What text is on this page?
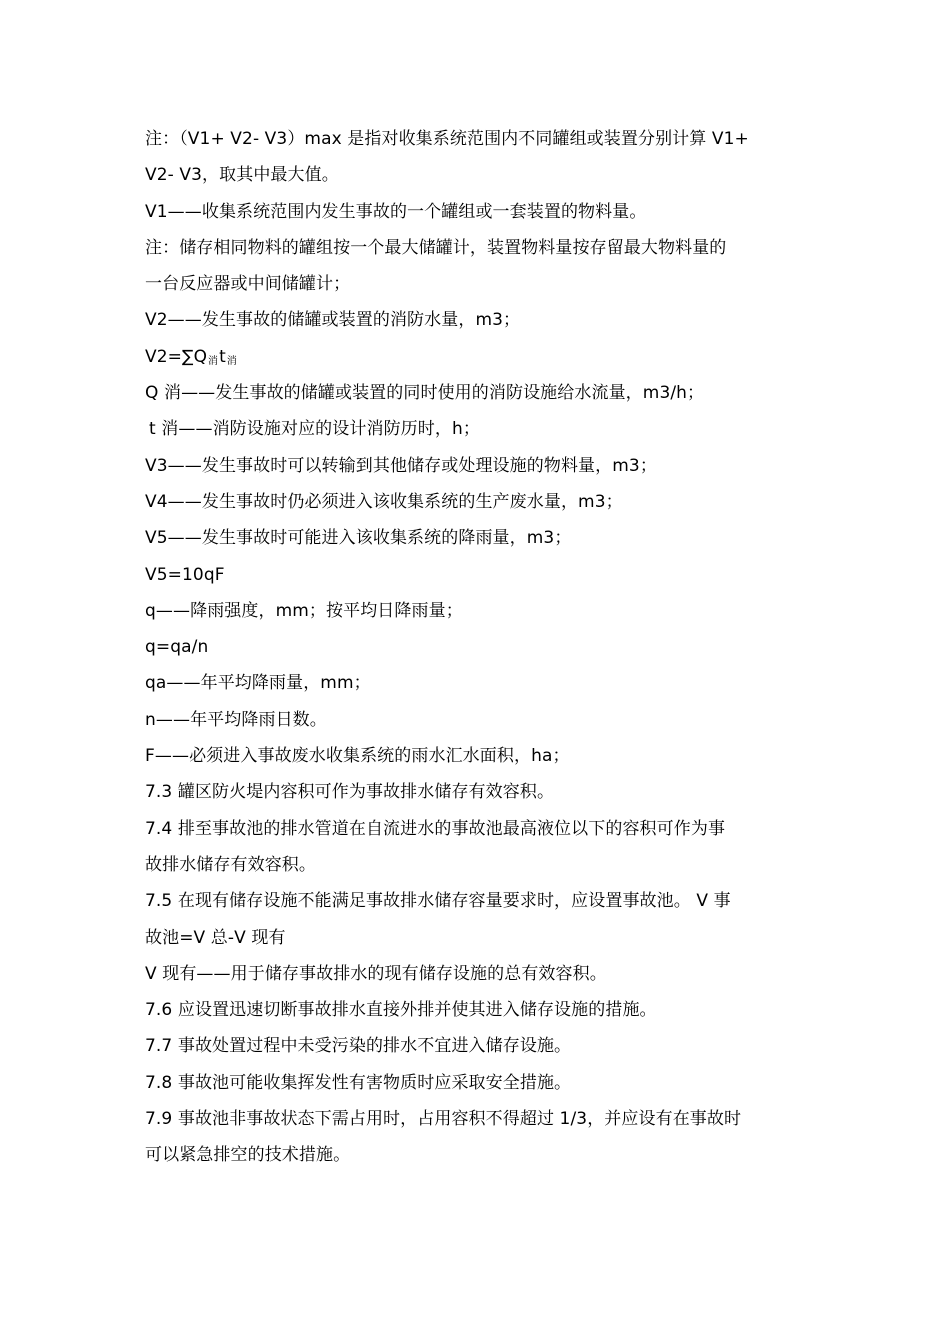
注：（V1+ V2- V3）max 是指对收集系统范围内不同罐组或装置分别计算 V1+
V2- V3，取其中最大值。
V1——收集系统范围内发生事故的一个罐组或一套装置的物料量。
注：储存相同物料的罐组按一个最大储罐计，装置物料量按存留最大物料量的
一台反应器或中间储罐计；
V2——发生事故的储罐或装置的消防水量，m3；
$V2=\sum Q_消t_消$
Q 消——发生事故的储罐或装置的同时使用的消防设施给水流量，m3/h；
t 消——消防设施对应的设计消防历时，h；
V3——发生事故时可以转输到其他储存或处理设施的物料量，m3；
V4——发生事故时仍必须进入该收集系统的生产废水量，m3；
V5——发生事故时可能进入该收集系统的降雨量，m3；
V5=10qF
q——降雨强度，mm；按平均日降雨量；
q=qa/n
qa——年平均降雨量，mm；
n——年平均降雨日数。
F——必须进入事故废水收集系统的雨水汇水面积，ha；
7.3 罐区防火堤内容积可作为事故排水储存有效容积。
7.4 排至事故池的排水管道在自流进水的事故池最高液位以下的容积可作为事
故排水储存有效容积。
7.5 在现有储存设施不能满足事故排水储存容量要求时，应设置事故池。 V 事
故池=V 总-V 现有
V 现有——用于储存事故排水的现有储存设施的总有效容积。
7.6 应设置迅速切断事故排水直接外排并使其进入储存设施的措施。
7.7 事故处置过程中未受污染的排水不宜进入储存设施。
7.8 事故池可能收集挥发性有害物质时应采取安全措施。
7.9 事故池非事故状态下需占用时，占用容积不得超过 1/3，并应设有在事故时
可以紧急排空的技术措施。
